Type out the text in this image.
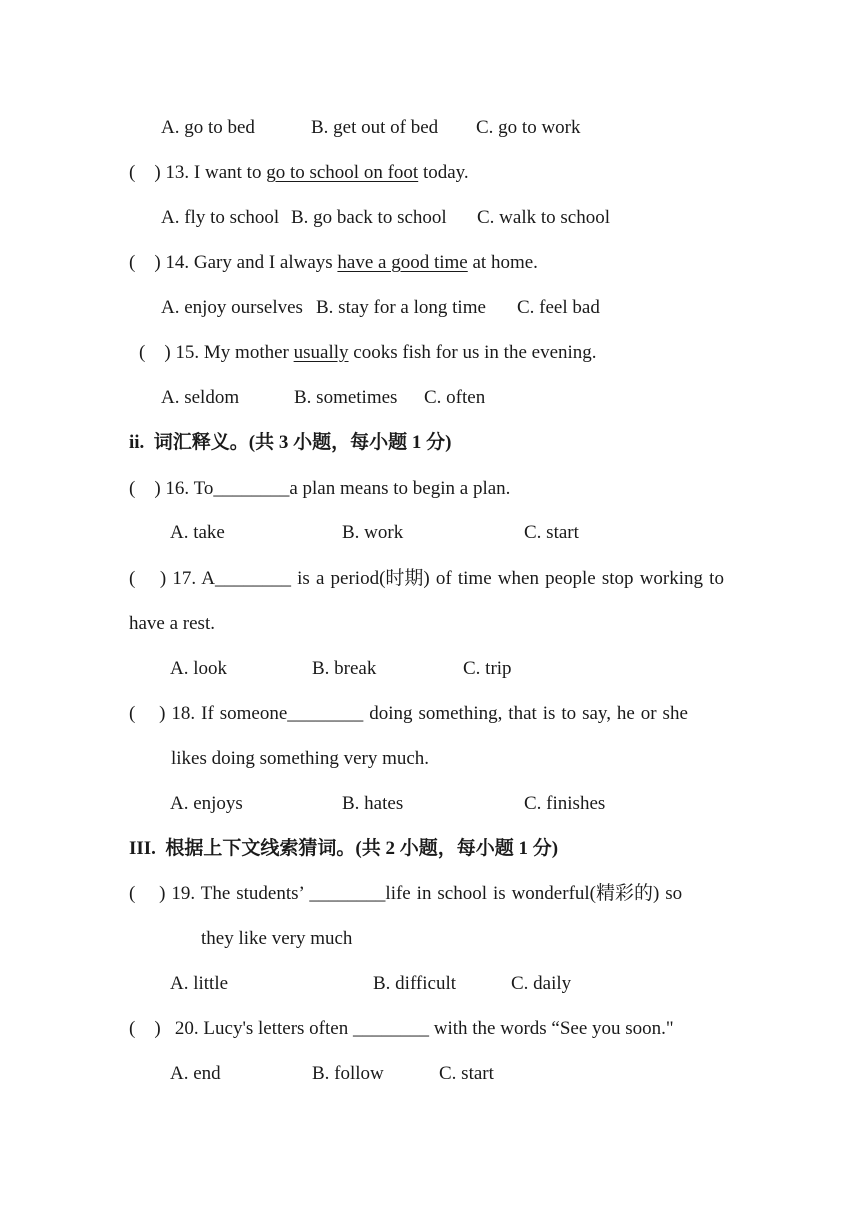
A. go to bed	B. get out of bed C. go to work
(    ) 13. I want to go to school on foot today.
A. fly to school B. go back to school C. walk to school
(    ) 14. Gary and I always have a good time at home.
A. enjoy ourselves B. stay for a long time C. feel bad
(    ) 15. My mother usually cooks fish for us in the evening.
A. seldom	B. sometimes C. often
ii.  词汇释义。(共 3 小题，每小题 1 分)
(    ) 16. To________a plan means to begin a plan.
A. take	B. work	C. start
(    ) 17. A________ is a period(时期) of time when people stop working to
have a rest.
A. look	B. break	C. trip
(    ) 18. If someone________ doing something, that is to say, he or she
likes doing something very much.
A. enjoys	B. hates	C. finishes
III.  根据上下文线索猜词。(共 2 小题，每小题 1 分)
(    ) 19. The students’ ________life in school is wonderful(精彩的) so
they like very much
A. little	B. difficult	C. daily
(    )   20. Lucy's letters often ________ with the words “See you soon."
A. end	B. follow	C. start
